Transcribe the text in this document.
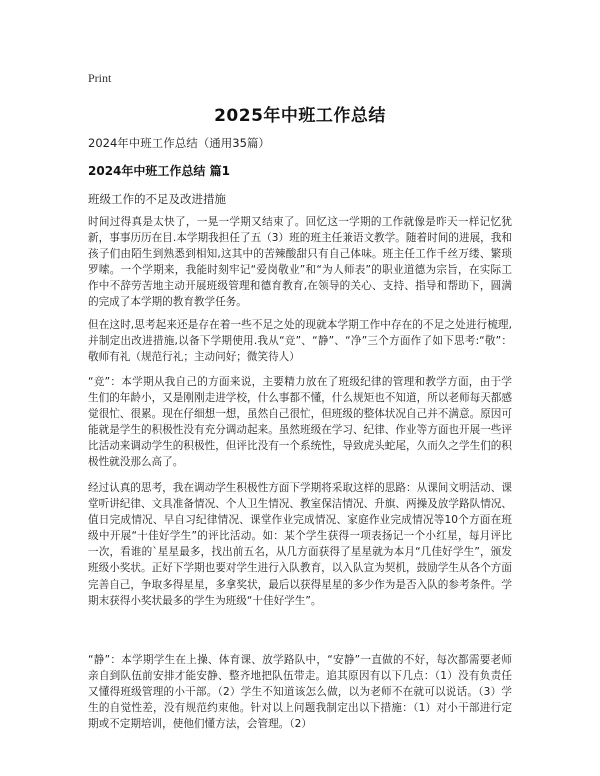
Print
2025年中班工作总结
2024年中班工作总结（通用35篇）
2024年中班工作总结 篇1
班级工作的不足及改进措施
时间过得真是太快了，一晃一学期又结束了。回忆这一学期的工作就像是昨天一样记忆犹新，事事历历在目.本学期我担任了五（3）班的班主任兼语文教学。随着时间的进展，我和孩子们由陌生到熟悉到相知,这其中的苦辣酸甜只有自己体味。班主任工作千丝万缕、繁琐罗嗦。一个学期来，我能时刻牢记“爱岗敬业”和“为人师表”的职业道德为宗旨，在实际工作中不辞劳苦地主动开展班级管理和德育教育,在领导的关心、支持、指导和帮助下，圆满的完成了本学期的教育教学任务。
但在这时,思考起来还是存在着一些不足之处的现就本学期工作中存在的不足之处进行梳理,并制定出改进措施,以备下学期使用.我从“竞”、“静”、“净”三个方面作了如下思考:“敬”：敬师有礼（规范行礼；主动问好；微笑待人）
“竞”：本学期从我自己的方面来说，主要精力放在了班级纪律的管理和教学方面，由于学生们的年龄小，又是刚刚走进学校，什么事都不懂，什么规矩也不知道，所以老师每天都感觉很忙、很累。现在仔细想一想，虽然自己很忙，但班级的整体状况自己并不满意。原因可能就是学生的积极性没有充分调动起来。虽然班级在学习、纪律、作业等方面也开展一些评比活动来调动学生的积极性，但评比没有一个系统性，导致虎头蛇尾，久而久之学生们的积极性就没那么高了。
经过认真的思考，我在调动学生积极性方面下学期将采取这样的思路：从课间文明活动、课堂听讲纪律、文具准备情况、个人卫生情况、教室保洁情况、升旗、两操及放学路队情况、值日完成情况、早自习纪律情况、课堂作业完成情况、家庭作业完成情况等10个方面在班级中开展“十佳好学生”的评比活动。如：某个学生获得一项表扬记一个小红星，每月评比一次，看谁的`星星最多，找出前五名，从几方面获得了星星就为本月“几佳好学生”，颁发班级小奖状。正好下学期也要对学生进行入队教育，以入队宣为契机，鼓励学生从各个方面完善自己，争取多得星星，多拿奖状，最后以获得星星的多少作为是否入队的参考条件。学期末获得小奖状最多的学生为班级“十佳好学生”。
“静”：本学期学生在上操、体育课、放学路队中，“安静”一直做的不好，每次都需要老师亲自到队伍前安排才能安静、整齐地把队伍带走。追其原因有以下几点：（1）没有负责任又懂得班级管理的小干部。（2）学生不知道该怎么做，以为老师不在就可以说话。（3）学生的自觉性差，没有规范约束他。针对以上问题我制定出以下措施：（1）对小干部进行定期或不定期培训，使他们懂方法，会管理。（2）
